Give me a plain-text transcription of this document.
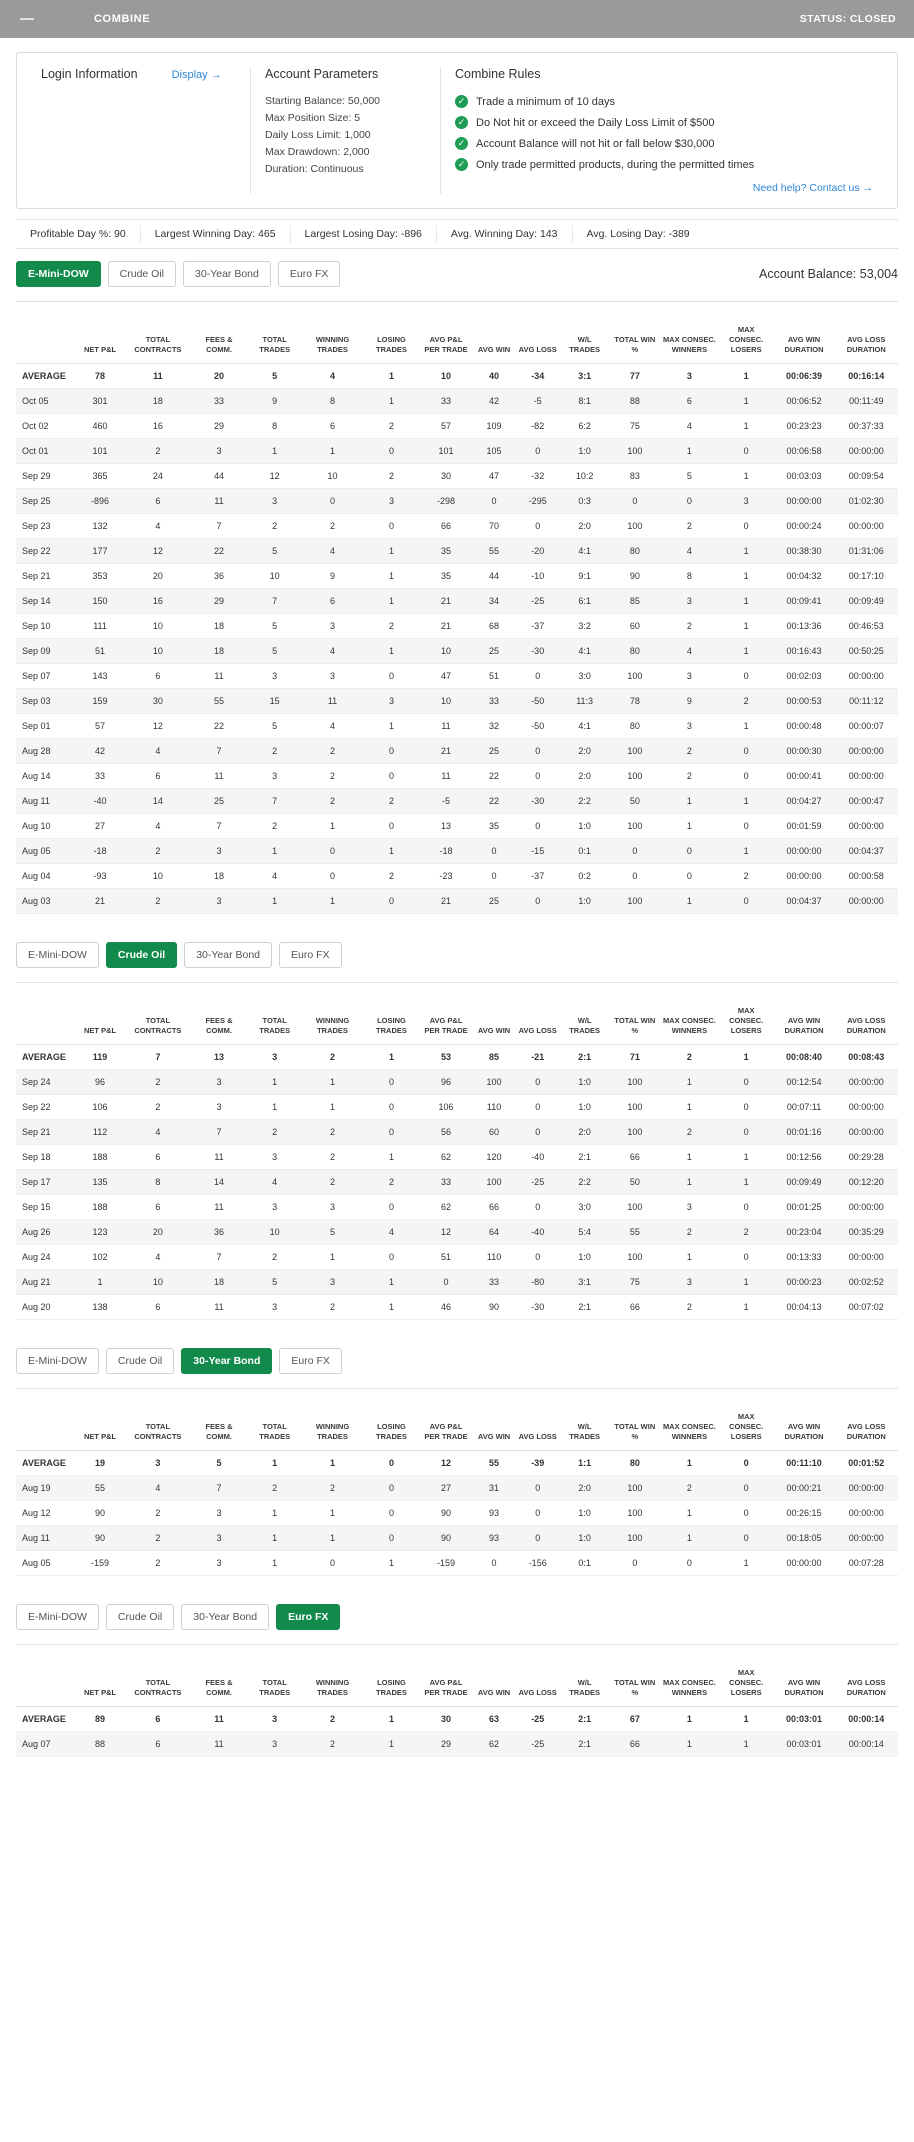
COMBINE	STATUS: CLOSED
Login Information	Display →	Account Parameters
Starting Balance: 50,000
Max Position Size: 5
Daily Loss Limit: 1,000
Max Drawdown: 2,000
Duration: Continuous
Combine Rules
✓ Trade a minimum of 10 days
✓ Do Not hit or exceed the Daily Loss Limit of $500
✓ Account Balance will not hit or fall below $30,000
✓ Only trade permitted products, during the permitted times
Need help? Contact us →
Profitable Day %: 90	Largest Winning Day: 465	Largest Losing Day: -896	Avg. Winning Day: 143	Avg. Losing Day: -389
E-Mini-DOW	Crude Oil	30-Year Bond	Euro FX	Account Balance: 53,004
	NET P&L	TOTAL CONTRACTS	FEES & COMM.	TOTAL TRADES	WINNING TRADES	LOSING TRADES	AVG P&L PER TRADE	AVG WIN	AVG LOSS	W/L TRADES	TOTAL WIN %	MAX CONSEC. WINNERS	MAX CONSEC. LOSERS	AVG WIN DURATION	AVG LOSS DURATION
AVERAGE	78	11	20	5	4	1	10	40	-34	3:1	77	3	1	00:06:39	00:16:14
Oct 05	301	18	33	9	8	1	33	42	-5	8:1	88	6	1	00:06:52	00:11:49
Oct 02	460	16	29	8	6	2	57	109	-82	6:2	75	4	1	00:23:23	00:37:33
Oct 01	101	2	3	1	1	0	101	105	0	1:0	100	1	0	00:06:58	00:00:00
Sep 29	365	24	44	12	10	2	30	47	-32	10:2	83	5	1	00:03:03	00:09:54
Sep 25	-896	6	11	3	0	3	-298	0	-295	0:3	0	0	3	00:00:00	01:02:30
Sep 23	132	4	7	2	2	0	66	70	0	2:0	100	2	0	00:00:24	00:00:00
Sep 22	177	12	22	5	4	1	35	55	-20	4:1	80	4	1	00:38:30	01:31:06
Sep 21	353	20	36	10	9	1	35	44	-10	9:1	90	8	1	00:04:32	00:17:10
Sep 14	150	16	29	7	6	1	21	34	-25	6:1	85	3	1	00:09:41	00:09:49
Sep 10	111	10	18	5	3	2	21	68	-37	3:2	60	2	1	00:13:36	00:46:53
Sep 09	51	10	18	5	4	1	10	25	-30	4:1	80	4	1	00:16:43	00:50:25
Sep 07	143	6	11	3	3	0	47	51	0	3:0	100	3	0	00:02:03	00:00:00
Sep 03	159	30	55	15	11	3	10	33	-50	11:3	78	9	2	00:00:53	00:11:12
Sep 01	57	12	22	5	4	1	11	32	-50	4:1	80	3	1	00:00:48	00:00:07
Aug 28	42	4	7	2	2	0	21	25	0	2:0	100	2	0	00:00:30	00:00:00
Aug 14	33	6	11	3	2	0	11	22	0	2:0	100	2	0	00:00:41	00:00:00
Aug 11	-40	14	25	7	2	2	-5	22	-30	2:2	50	1	1	00:04:27	00:00:47
Aug 10	27	4	7	2	1	0	13	35	0	1:0	100	1	0	00:01:59	00:00:00
Aug 05	-18	2	3	1	0	1	-18	0	-15	0:1	0	0	1	00:00:00	00:04:37
Aug 04	-93	10	18	4	0	2	-23	0	-37	0:2	0	0	2	00:00:00	00:00:58
Aug 03	21	2	3	1	1	0	21	25	0	1:0	100	1	0	00:04:37	00:00:00
E-Mini-DOW	Crude Oil	30-Year Bond	Euro FX
	NET P&L	TOTAL CONTRACTS	FEES & COMM.	TOTAL TRADES	WINNING TRADES	LOSING TRADES	AVG P&L PER TRADE	AVG WIN	AVG LOSS	W/L TRADES	TOTAL WIN %	MAX CONSEC. WINNERS	MAX CONSEC. LOSERS	AVG WIN DURATION	AVG LOSS DURATION
AVERAGE	119	7	13	3	2	1	53	85	-21	2:1	71	2	1	00:08:40	00:08:43
Sep 24	96	2	3	1	1	0	96	100	0	1:0	100	1	0	00:12:54	00:00:00
Sep 22	106	2	3	1	1	0	106	110	0	1:0	100	1	0	00:07:11	00:00:00
Sep 21	112	4	7	2	2	0	56	60	0	2:0	100	2	0	00:01:16	00:00:00
Sep 18	188	6	11	3	2	1	62	120	-40	2:1	66	1	1	00:12:56	00:29:28
Sep 17	135	8	14	4	2	2	33	100	-25	2:2	50	1	1	00:09:49	00:12:20
Sep 15	188	6	11	3	3	0	62	66	0	3:0	100	3	0	00:01:25	00:00:00
Aug 26	123	20	36	10	5	4	12	64	-40	5:4	55	2	2	00:23:04	00:35:29
Aug 24	102	4	7	2	1	0	51	110	0	1:0	100	1	0	00:13:33	00:00:00
Aug 21	1	10	18	5	3	1	0	33	-80	3:1	75	3	1	00:00:23	00:02:52
Aug 20	138	6	11	3	2	1	46	90	-30	2:1	66	2	1	00:04:13	00:07:02
E-Mini-DOW	Crude Oil	30-Year Bond	Euro FX
	NET P&L	TOTAL CONTRACTS	FEES & COMM.	TOTAL TRADES	WINNING TRADES	LOSING TRADES	AVG P&L PER TRADE	AVG WIN	AVG LOSS	W/L TRADES	TOTAL WIN %	MAX CONSEC. WINNERS	MAX CONSEC. LOSERS	AVG WIN DURATION	AVG LOSS DURATION
AVERAGE	19	3	5	1	1	0	12	55	-39	1:1	80	1	0	00:11:10	00:01:52
Aug 19	55	4	7	2	2	0	27	31	0	2:0	100	2	0	00:00:21	00:00:00
Aug 12	90	2	3	1	1	0	90	93	0	1:0	100	1	0	00:26:15	00:00:00
Aug 11	90	2	3	1	1	0	90	93	0	1:0	100	1	0	00:18:05	00:00:00
Aug 05	-159	2	3	1	0	1	-159	0	-156	0:1	0	0	1	00:00:00	00:07:28
E-Mini-DOW	Crude Oil	30-Year Bond	Euro FX
	NET P&L	TOTAL CONTRACTS	FEES & COMM.	TOTAL TRADES	WINNING TRADES	LOSING TRADES	AVG P&L PER TRADE	AVG WIN	AVG LOSS	W/L TRADES	TOTAL WIN %	MAX CONSEC. WINNERS	MAX CONSEC. LOSERS	AVG WIN DURATION	AVG LOSS DURATION
AVERAGE	89	6	11	3	2	1	30	63	-25	2:1	67	1	1	00:03:01	00:00:14
Aug 07	88	6	11	3	2	1	29	62	-25	2:1	66	1	1	00:03:01	00:00:14
